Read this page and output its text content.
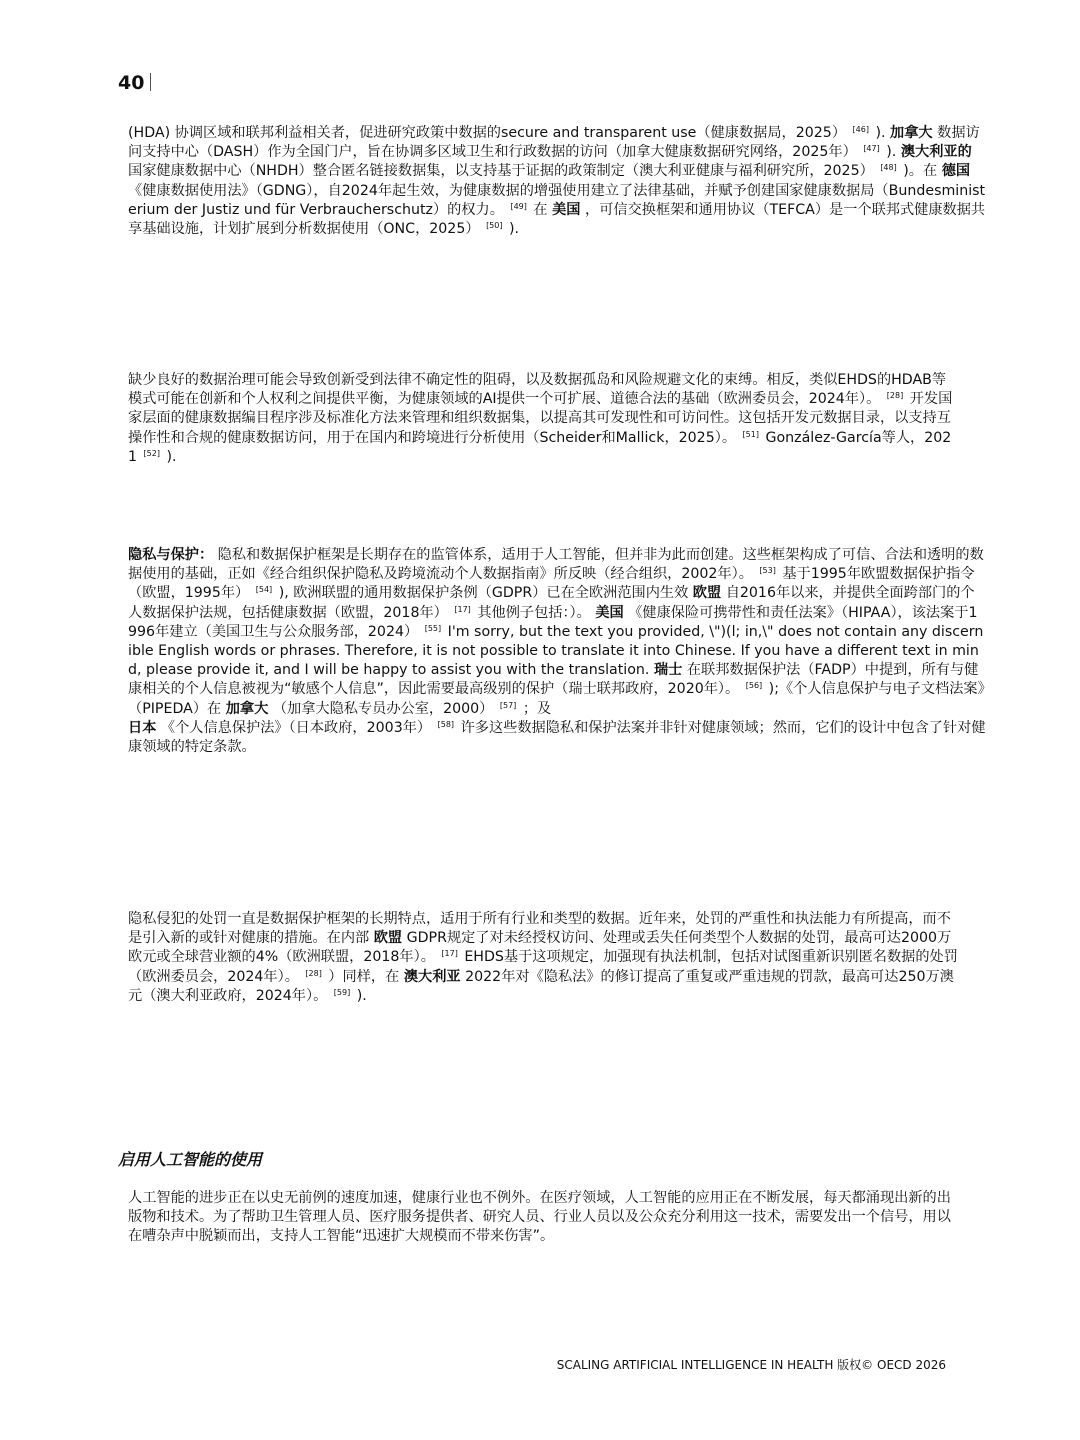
40

(HDA) 协调区域和联邦利益相关者，促进研究政策中数据的secure and transparent use（健康数据局，2025） [46] ). 加拿大 数据访问支持中心（DASH）作为全国门户，旨在协调多区域卫生和行政数据的访问（加拿大健康数据研究网络，2025年） [47] ). 澳大利亚的 国家健康数据中心（NHDH）整合匿名链接数据集，以支持基于证据的政策制定（澳大利亚健康与福利研究所，2025） [48] )。在 德国 《健康数据使用法》（GDNG），自2024年起生效，为健康数据的增强使用建立了法律基础，并赋予创建国家健康数据局（Bundesministerium der Justiz und für Verbraucherschutz）的权力。 [49] 在 美国 ，可信交换框架和通用协议（TEFCA）是一个联邦式健康数据共享基础设施，计划扩展到分析数据使用（ONC，2025） [50] ).

缺少良好的数据治理可能会导致创新受到法律不确定性的阻碍，以及数据孤岛和风险规避文化的束缚。相反，类似EHDS的HDAB等模式可能在创新和个人权利之间提供平衡，为健康领域的AI提供一个可扩展、道德合法的基础（欧洲委员会，2024年）。 [28] 开发国家层面的健康数据编目程序涉及标准化方法来管理和组织数据集，以提高其可发现性和可访问性。这包括开发元数据目录，以支持互操作性和合规的健康数据访问，用于在国内和跨境进行分析使用（Scheider和Mallick，2025）。 [51] González-García等人，2021 [52] ).

隐私与保护： 隐私和数据保护框架是长期存在的监管体系，适用于人工智能，但并非为此而创建。这些框架构成了可信、合法和透明的数据使用的基础，正如《经合组织保护隐私及跨境流动个人数据指南》所反映（经合组织，2002年）。 [53] 基于1995年欧盟数据保护指令（欧盟，1995年） [54] ), 欧洲联盟的通用数据保护条例（GDPR）已在全欧洲范围内生效 欧盟 自2016年以来，并提供全面跨部门的个人数据保护法规，包括健康数据（欧盟，2018年） [17] 其他例子包括：）。 美国 《健康保险可携带性和责任法案》（HIPAA），该法案于1996年建立（美国卫生与公众服务部，2024） [55] I'm sorry, but the text you provided, \")(l; in,\" does not contain any discernible English words or phrases. Therefore, it is not possible to translate it into Chinese. If you have a different text in mind, please provide it, and I will be happy to assist you with the translation. 瑞士 在联邦数据保护法（FADP）中提到，所有与健康相关的个人信息被视为“敏感个人信息”，因此需要最高级别的保护（瑞士联邦政府，2020年）。 [56] );《个人信息保护与电子文档法案》（PIPEDA）在 加拿大 （加拿大隐私专员办公室，2000） [57] ；及
日本 《个人信息保护法》（日本政府，2003年） [58] 许多这些数据隐私和保护法案并非针对健康领域；然而，它们的设计中包含了针对健康领域的特定条款。

隐私侵犯的处罚一直是数据保护框架的长期特点，适用于所有行业和类型的数据。近年来，处罚的严重性和执法能力有所提高，而不是引入新的或针对健康的措施。在内部 欧盟 GDPR规定了对未经授权访问、处理或丢失任何类型个人数据的处罚，最高可达2000万欧元或全球营业额的4%（欧洲联盟，2018年）。 [17] EHDS基于这项规定，加强现有执法机制，包括对试图重新识别匿名数据的处罚（欧洲委员会，2024年）。 [28] ）同样，在 澳大利亚 2022年对《隐私法》的修订提高了重复或严重违规的罚款，最高可达250万澳元（澳大利亚政府，2024年）。 [59] ).

启用人工智能的使用

人工智能的进步正在以史无前例的速度加速，健康行业也不例外。在医疗领域，人工智能的应用正在不断发展，每天都涌现出新的出版物和技术。为了帮助卫生管理人员、医疗服务提供者、研究人员、行业人员以及公众充分利用这一技术，需要发出一个信号，用以在嘈杂声中脱颖而出，支持人工智能“迅速扩大规模而不带来伤害”。

SCALING ARTIFICIAL INTELLIGENCE IN HEALTH 版权© OECD 2026
